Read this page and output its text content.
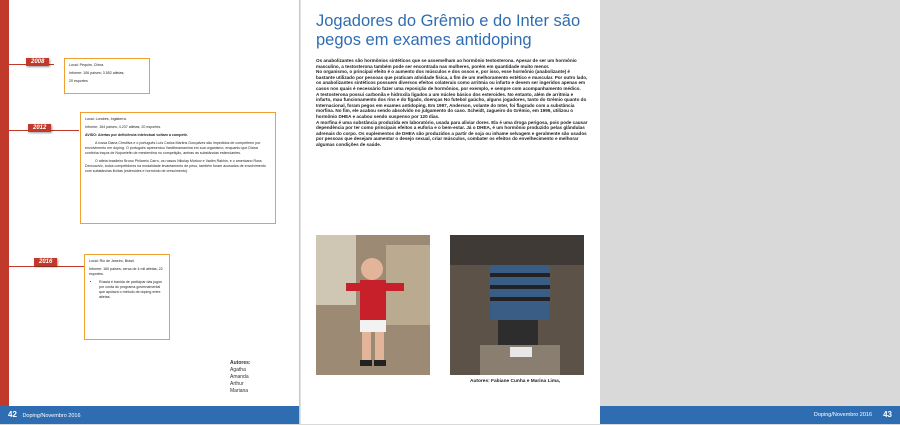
2008	Local: Pequim, China.

Informe: 106 países; 3.552 atletas;

20 esportes

2012

Local: Londres, Inglaterra.

Informe: 164 países; 4.237 atletas; 20 esportes.

AVISO: Alertas por deficiência intelectual voltam a competir.

A russa Diana Chrstliva e o português Luís Carlos Martins Gonçalves são impedidos de competirem por envolvimento em doping. O português apresentou Vardtheamamina em sua organismo, enquanto que Diana continha traços de Nopoelefin de mestemlina no competição, ambas as substâncias estimulantes.

O atleta brasileiro Bruno Philarelo Carro, os russos Nikolay Morkov e Vadim Rakhin, e o americano Ross Dercocovic, todos competidores na modalidade levantamento de peso, também foram acusados de envolvimento com substâncias ilícitas (esteroides e hormônio de crescimento).

2016	Local: Rio de Janeiro, Brasil.

Informe: 160 países; cerca de 4 mil atletas; 22 esportes.

• Rússia é banida de participar das jogos por conta do programa governamental que apoiava o método de doping entre atletas.
Autores:
Agatha
Amanda
Arthur
Mariana
42 Doping/Novembro 2016
Jogadores do Grêmio e do Inter são pegos em exames antidoping

Os anabolizantes são hormônios sintéticos que se assemelham ao hormônio testosterona. Apesar de ser um hormônio masculino, a testosterona também pode ser encontrada nas mulheres, porém em quantidade muito menor.

No organismo, o principal efeito é o aumento dos músculos e dos ossos e, por isso, esse hormônio (anabolizante) é bastante utilizado por pessoas que praticam atividade física, a fim de um melhoramento estético e muscular. Por outro lado, os anabolizantes sintéticos possuem diversos efeitos colaterais como arritmia ou infarto e devem ser ingeridos apenas em casos nos quais é necessário fazer uma reposição de hormônios, por exemplo, e sempre com acompanhamento médico.

A testosterona possui carbonila e hidroxila ligados a um núcleo básico dos esteroides. No entanto, além de arritmia e infarto, mau funcionamento dos rins e do fígado, doenças No futebol gaúcho, alguns jogadores, tanto do Grêmio quanto do Internacional, foram pegos em exames antidoping. Em 1997, Anderson, volante do Inter, foi flagrado com a substância morfina. No fim, ele acabou sendo absolvido no julgamento do caso. Scheidt, zagueiro do Grêmio, em 1999, utilizou o hormônio DHEA e acabou sendo suspenso por 120 dias.

A morfina é uma substância produzida em laboratório, usada para aliviar dores. Ela é uma droga perigosa, pois pode causar dependência por ter como principais efeitos a euforia e o bem-estar. Já o DHEA, é um hormônio produzido pelas glândulas adrenais do corpo. Os suplementos de DHEA são produzidos a partir de soja ou inhame selvagem e geralmente são usados por pessoas que desejam aumentar o desejo sexual, criar músculos, combater os efeitos do envelhecimento e melhorar algumas condições de saúde.

Autores: Fabiane Cunha e Marina Lima,
Doping/Novembro 2016 43
